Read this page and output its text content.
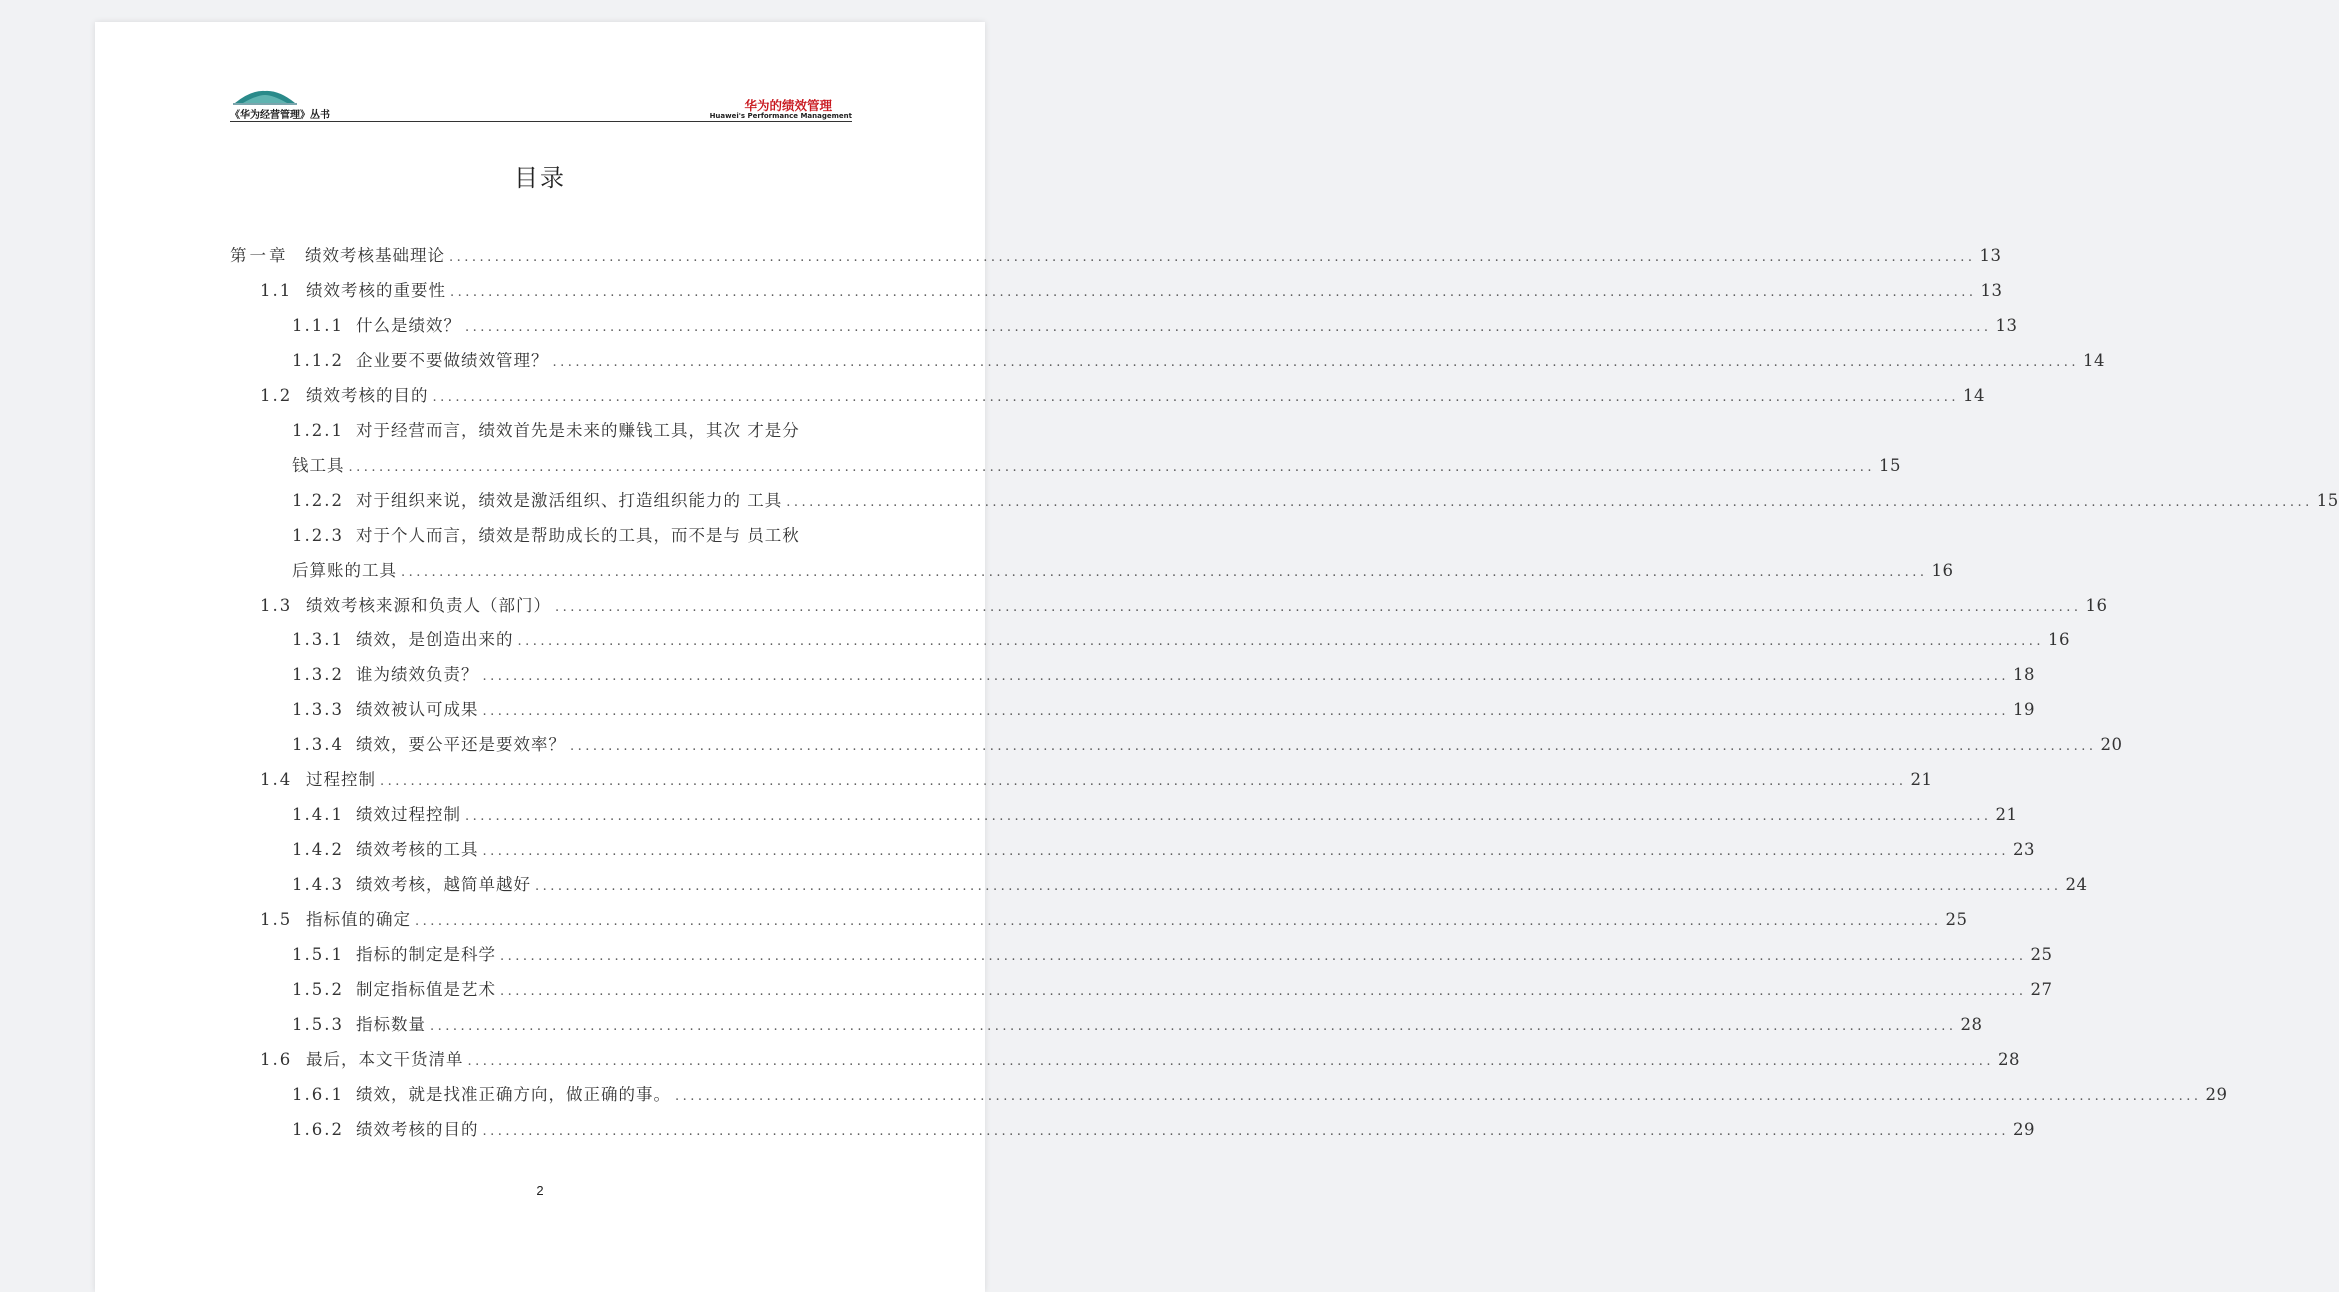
《华为经营管理》丛书
华为的绩效管理
Huawei's Performance Management
目录
第一章	绩效考核基础理论 ........................................................................................................................................................................................................ 13
1.1 绩效考核的重要性 ........................................................................................................................................................................................................ 13
1.1.1 什么是绩效？ ........................................................................................................................................................................................................ 13
1.1.2 企业要不要做绩效管理？ ........................................................................................................................................................................................................ 14
1.2 绩效考核的目的 ........................................................................................................................................................................................................ 14
1.2.1 对于经营而言，绩效首先是未来的赚钱工具，其次 才是分
钱工具 ........................................................................................................................................................................................................ 15
1.2.2 对于组织来说，绩效是激活组织、打造组织能力的 工具 ........................................................................................................................................................................................................ 15
1.2.3 对于个人而言，绩效是帮助成长的工具，而不是与 员工秋
后算账的工具 ........................................................................................................................................................................................................ 16
1.3 绩效考核来源和负责人（部门） ........................................................................................................................................................................................................ 16
1.3.1 绩效，是创造出来的 ........................................................................................................................................................................................................ 16
1.3.2 谁为绩效负责？ ........................................................................................................................................................................................................ 18
1.3.3 绩效被认可成果 ........................................................................................................................................................................................................ 19
1.3.4 绩效，要公平还是要效率？ ........................................................................................................................................................................................................ 20
1.4 过程控制 ........................................................................................................................................................................................................ 21
1.4.1 绩效过程控制 ........................................................................................................................................................................................................ 21
1.4.2 绩效考核的工具 ........................................................................................................................................................................................................ 23
1.4.3 绩效考核，越简单越好 ........................................................................................................................................................................................................ 24
1.5 指标值的确定 ........................................................................................................................................................................................................ 25
1.5.1 指标的制定是科学 ........................................................................................................................................................................................................ 25
1.5.2 制定指标值是艺术 ........................................................................................................................................................................................................ 27
1.5.3 指标数量 ........................................................................................................................................................................................................ 28
1.6 最后，本文干货清单 ........................................................................................................................................................................................................ 28
1.6.1 绩效，就是找准正确方向，做正确的事。 ........................................................................................................................................................................................................ 29
1.6.2 绩效考核的目的 ........................................................................................................................................................................................................ 29
2
